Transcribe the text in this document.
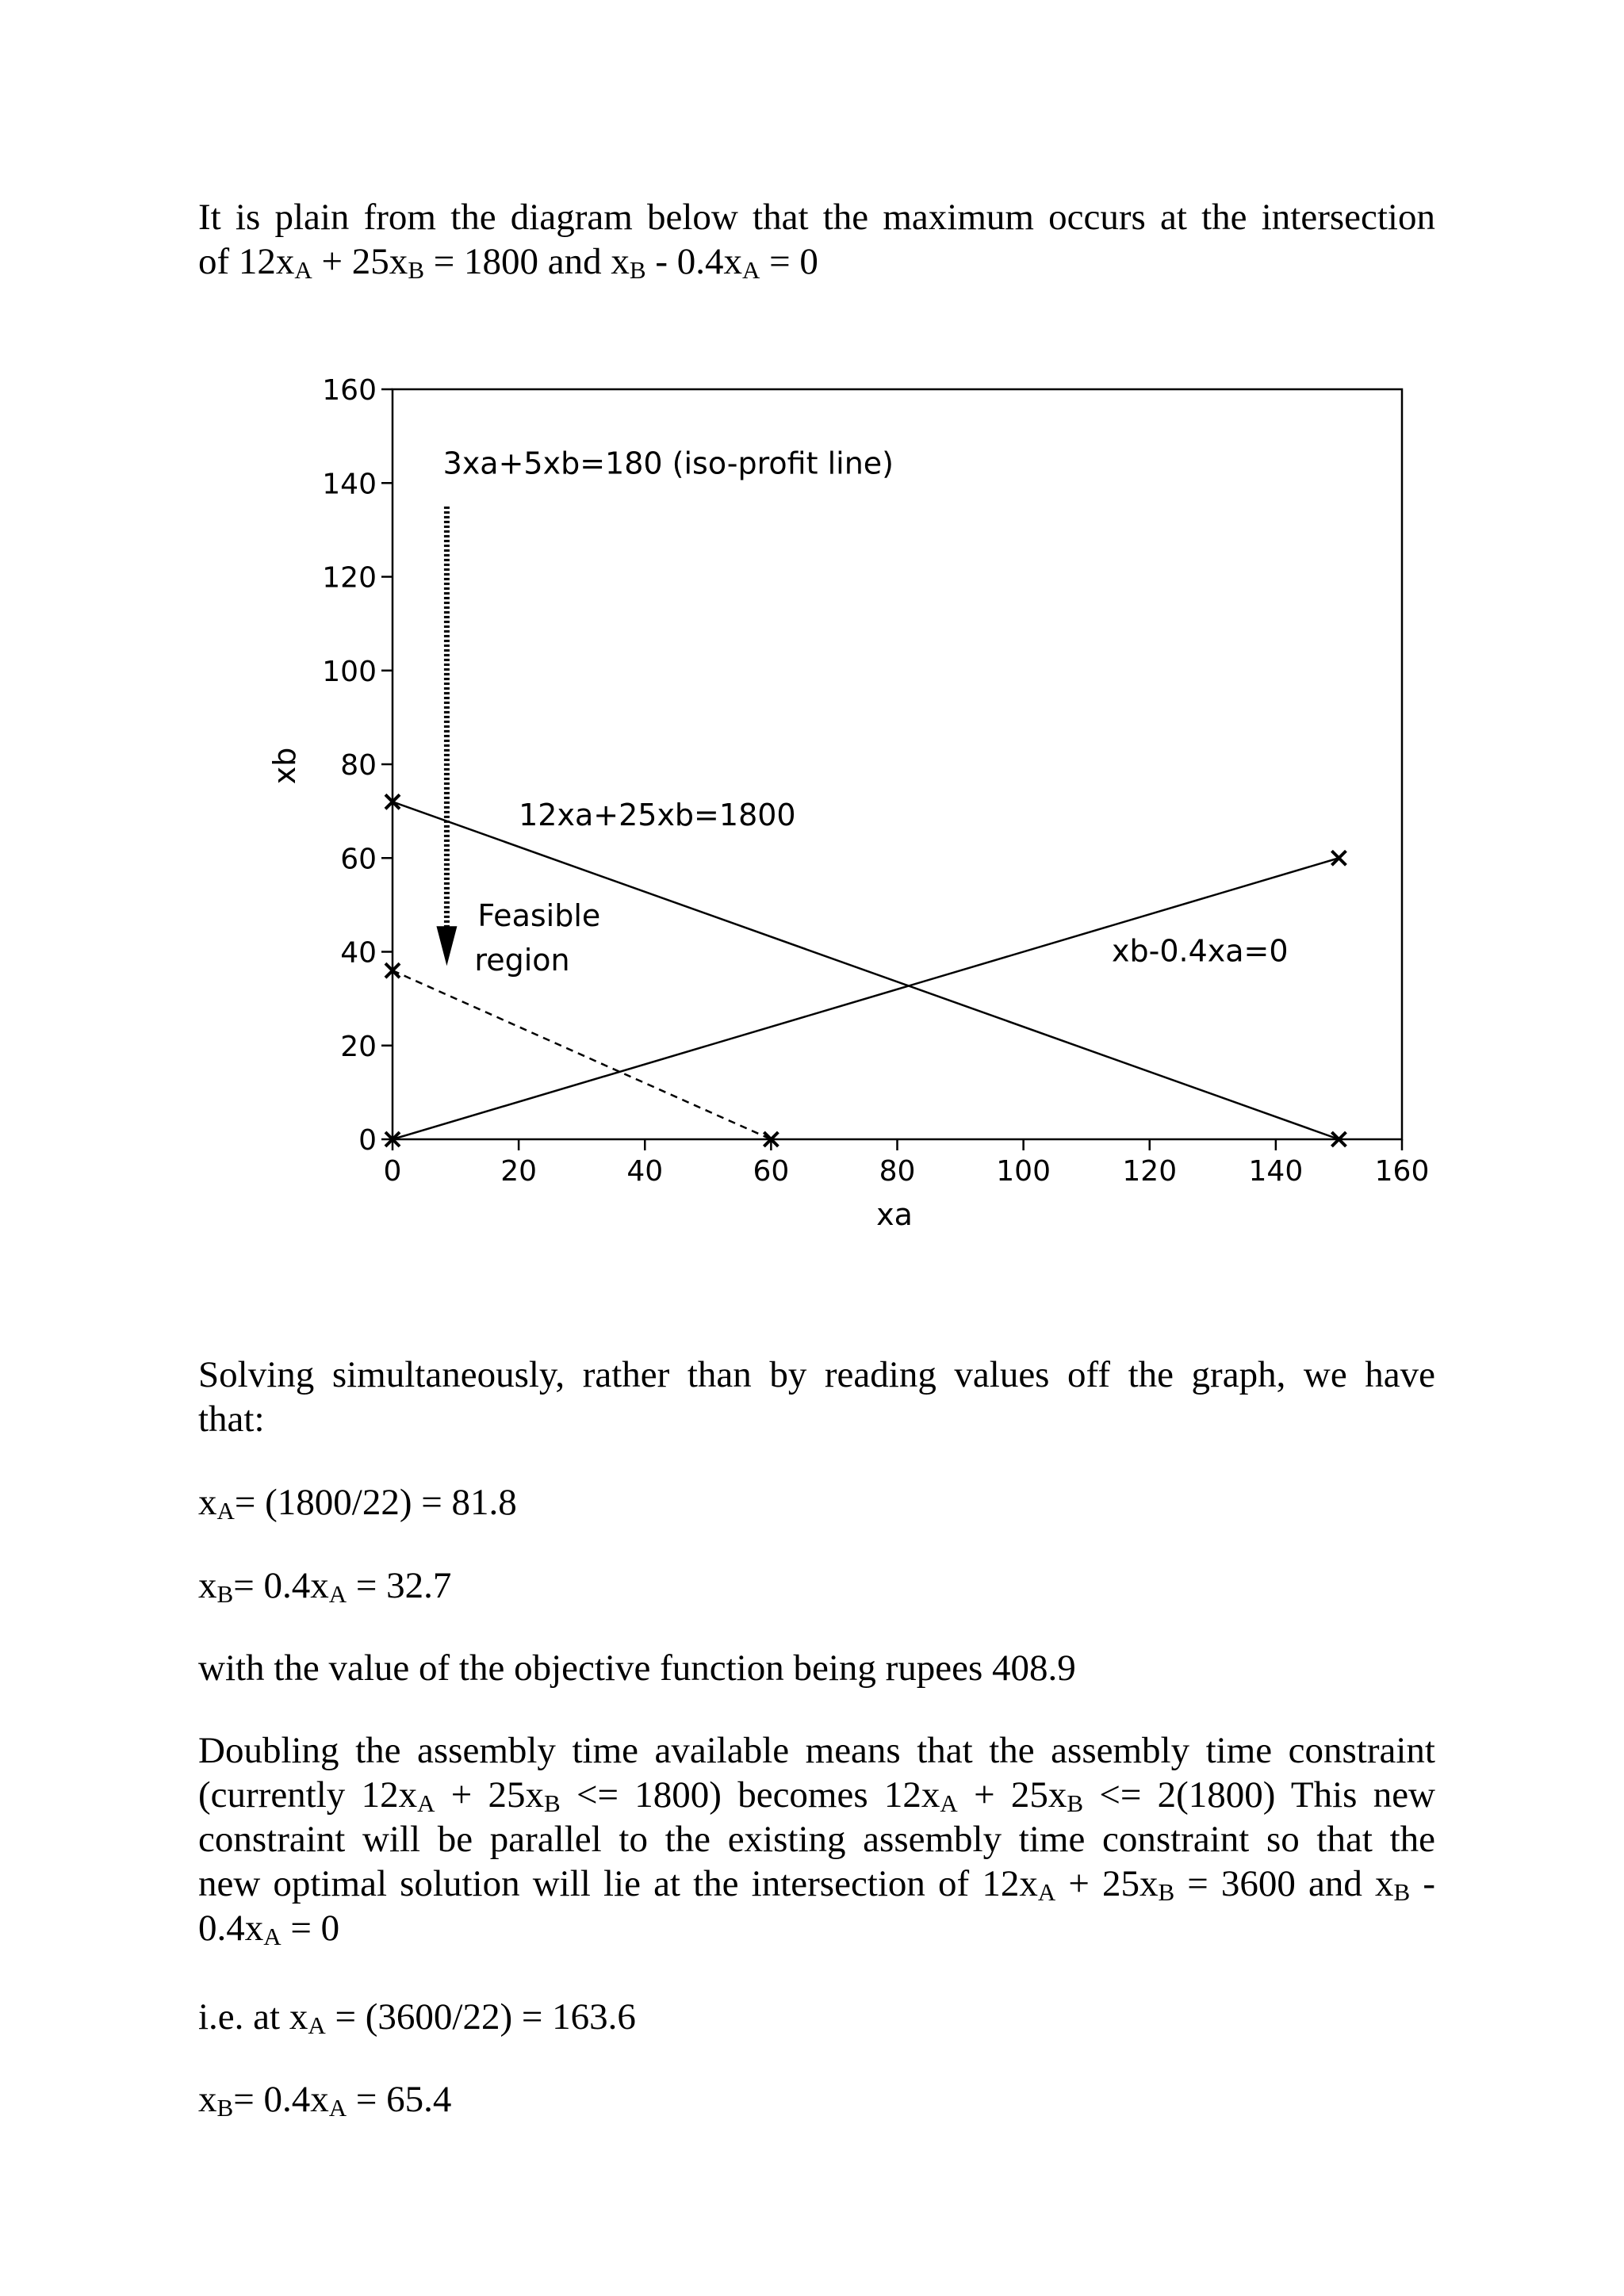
It is plain from the diagram below that the maximum occurs at the intersection
of $12x_A + 25x_B = 1800$ and $x_B - 0.4x_A = 0$
0	20	40	60	80	100	120	140	160
0
20
40
60
80
100
120
140
160
12xa+25xb=1800
xb-0.4xa=0
3xa+5xb=180 (iso-profit line)
Feasible
region
xa
xb
Solving simultaneously, rather than by reading values off the graph, we have
that:
$x_A= (1800/22) = 81.8$
$x_B= 0.4x_A = 32.7$
with the value of the objective function being rupees 408.9
Doubling the assembly time available means that the assembly time constraint
(currently $12x_A + 25x_B <= 1800$) becomes $12x_A + 25x_B <= 2(1800)$ This new
constraint will be parallel to the existing assembly time constraint so that the
new optimal solution will lie at the intersection of $12x_A + 25x_B = 3600$ and $x_B$ -
$0.4x_A = 0$
i.e. at $x_A = (3600/22) = 163.6$
$x_B= 0.4x_A = 65.4$
